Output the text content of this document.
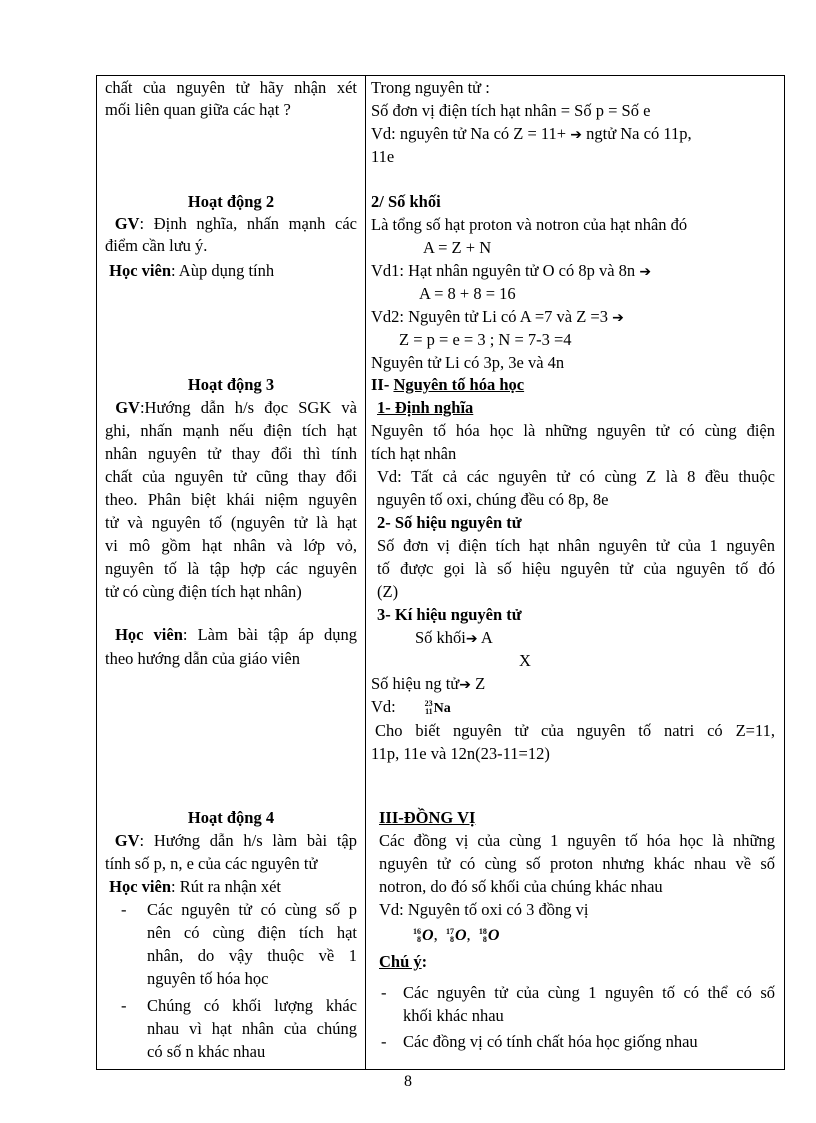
chất của nguyên tử hãy nhận xét
mối liên quan giữa các hạt ?
Trong nguyên tử :
Số đơn vị điện tích hạt nhân = Số p = Số e
Vd: nguyên tử Na có Z = 11+ ➔ ngtử Na có 11p,
11e
Hoạt động 2
GV: Định nghĩa, nhấn mạnh các
điểm cần lưu ý.
Học viên: Aùp dụng tính
2/ Số khối
Là tổng số hạt proton và notron của hạt nhân đó
A = Z + N
Vd1: Hạt nhân nguyên tử O có 8p và 8n ➔
A = 8 + 8 = 16
Vd2: Nguyên tử Li có A =7 và Z =3 ➔
Z = p = e = 3 ; N = 7-3 =4
Nguyên tử Li có 3p, 3e và 4n
Hoạt động 3
GV:Hướng dẫn h/s đọc SGK và
ghi, nhấn mạnh nếu điện tích hạt
nhân nguyên tử thay đổi thì tính
chất của nguyên tử cũng thay đổi
theo. Phân biệt khái niệm nguyên
tử và nguyên tố (nguyên tử là hạt
vi mô gồm hạt nhân và lớp vỏ,
nguyên tố là tập hợp các nguyên
tử có cùng điện tích hạt nhân)
Học viên: Làm bài tập áp dụng
theo hướng dẫn của giáo viên
II- Nguyên tố hóa học
1- Định nghĩa
Nguyên tố hóa học là những nguyên tử có cùng điện
tích hạt nhân
Vd: Tất cả các nguyên tử có cùng Z là 8 đều thuộc
nguyên tố oxi, chúng đều có 8p, 8e
2- Số hiệu nguyên tử
Số đơn vị điện tích hạt nhân nguyên tử của 1 nguyên
tố được gọi là số hiệu nguyên tử của nguyên tố đó
(Z)
3- Kí hiệu nguyên tử
Số khối➔ A
X
Số hiệu ng tử➔ Z
Vd:	23
11Na
Cho biết nguyên tử của nguyên tố natri có Z=11,
11p, 11e và 12n(23-11=12)
Hoạt động 4
GV: Hướng dẫn h/s làm bài tập
tính số p, n, e của các nguyên tử
Học viên: Rút ra nhận xét
- Các nguyên tử có cùng số p
nên có cùng điện tích hạt
nhân, do vậy thuộc về 1
nguyên tố hóa học
- Chúng có khối lượng khác
nhau vì hạt nhân của chúng
có số n khác nhau
III-ĐỒNG VỊ
Các đồng vị của cùng 1 nguyên tố hóa học là những
nguyên tử có cùng số proton nhưng khác nhau về số
notron, do đó số khối của chúng khác nhau
Vd: Nguyên tố oxi có 3 đồng vị
16
8O,  17
8O,  18
8O
Chú ý:
- Các nguyên tử của cùng 1 nguyên tố có thể có số
khối khác nhau
- Các đồng vị có tính chất hóa học giống nhau
8
